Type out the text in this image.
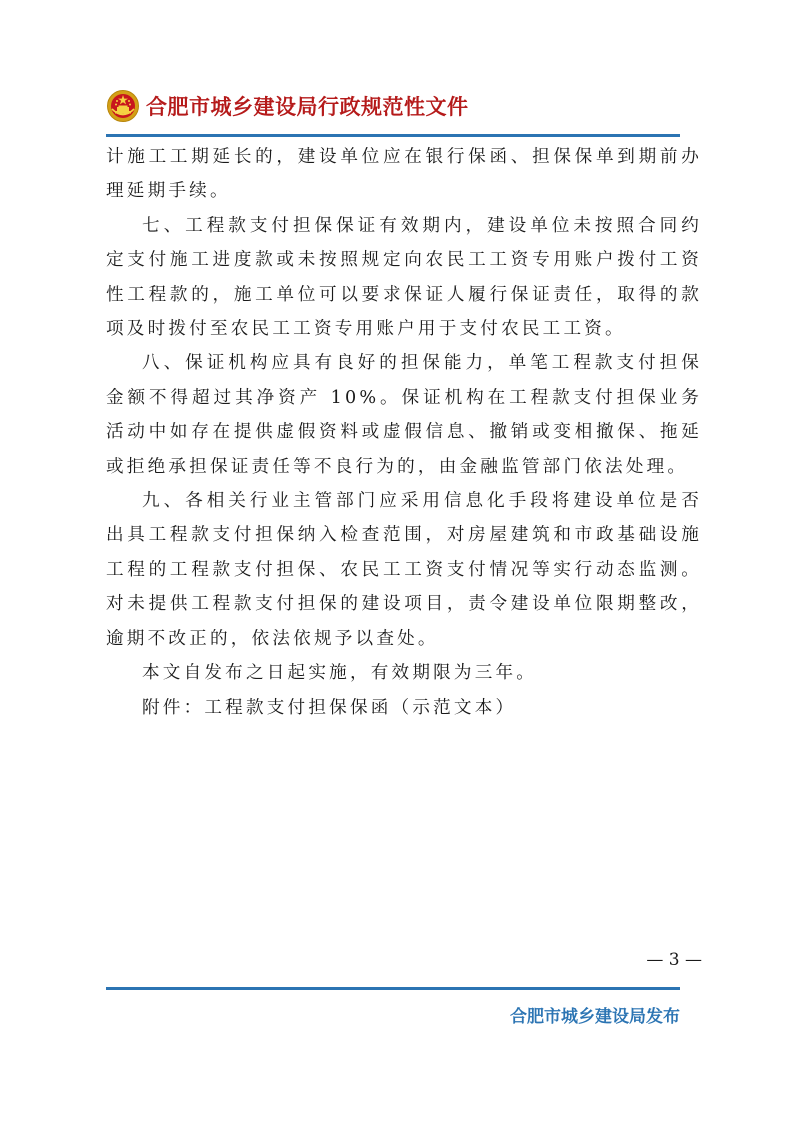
合肥市城乡建设局行政规范性文件

计施工工期延长的，建设单位应在银行保函、担保保单到期前办理延期手续。

七、工程款支付担保保证有效期内，建设单位未按照合同约定支付施工进度款或未按照规定向农民工工资专用账户拨付工资性工程款的，施工单位可以要求保证人履行保证责任，取得的款项及时拨付至农民工工资专用账户用于支付农民工工资。

八、保证机构应具有良好的担保能力，单笔工程款支付担保金额不得超过其净资产 10%。保证机构在工程款支付担保业务活动中如存在提供虚假资料或虚假信息、撤销或变相撤保、拖延或拒绝承担保证责任等不良行为的，由金融监管部门依法处理。

九、各相关行业主管部门应采用信息化手段将建设单位是否出具工程款支付担保纳入检查范围，对房屋建筑和市政基础设施工程的工程款支付担保、农民工工资支付情况等实行动态监测。对未提供工程款支付担保的建设项目，责令建设单位限期整改，逾期不改正的，依法依规予以查处。

本文自发布之日起实施，有效期限为三年。

附件：工程款支付担保保函（示范文本）

— 3 —
合肥市城乡建设局发布
